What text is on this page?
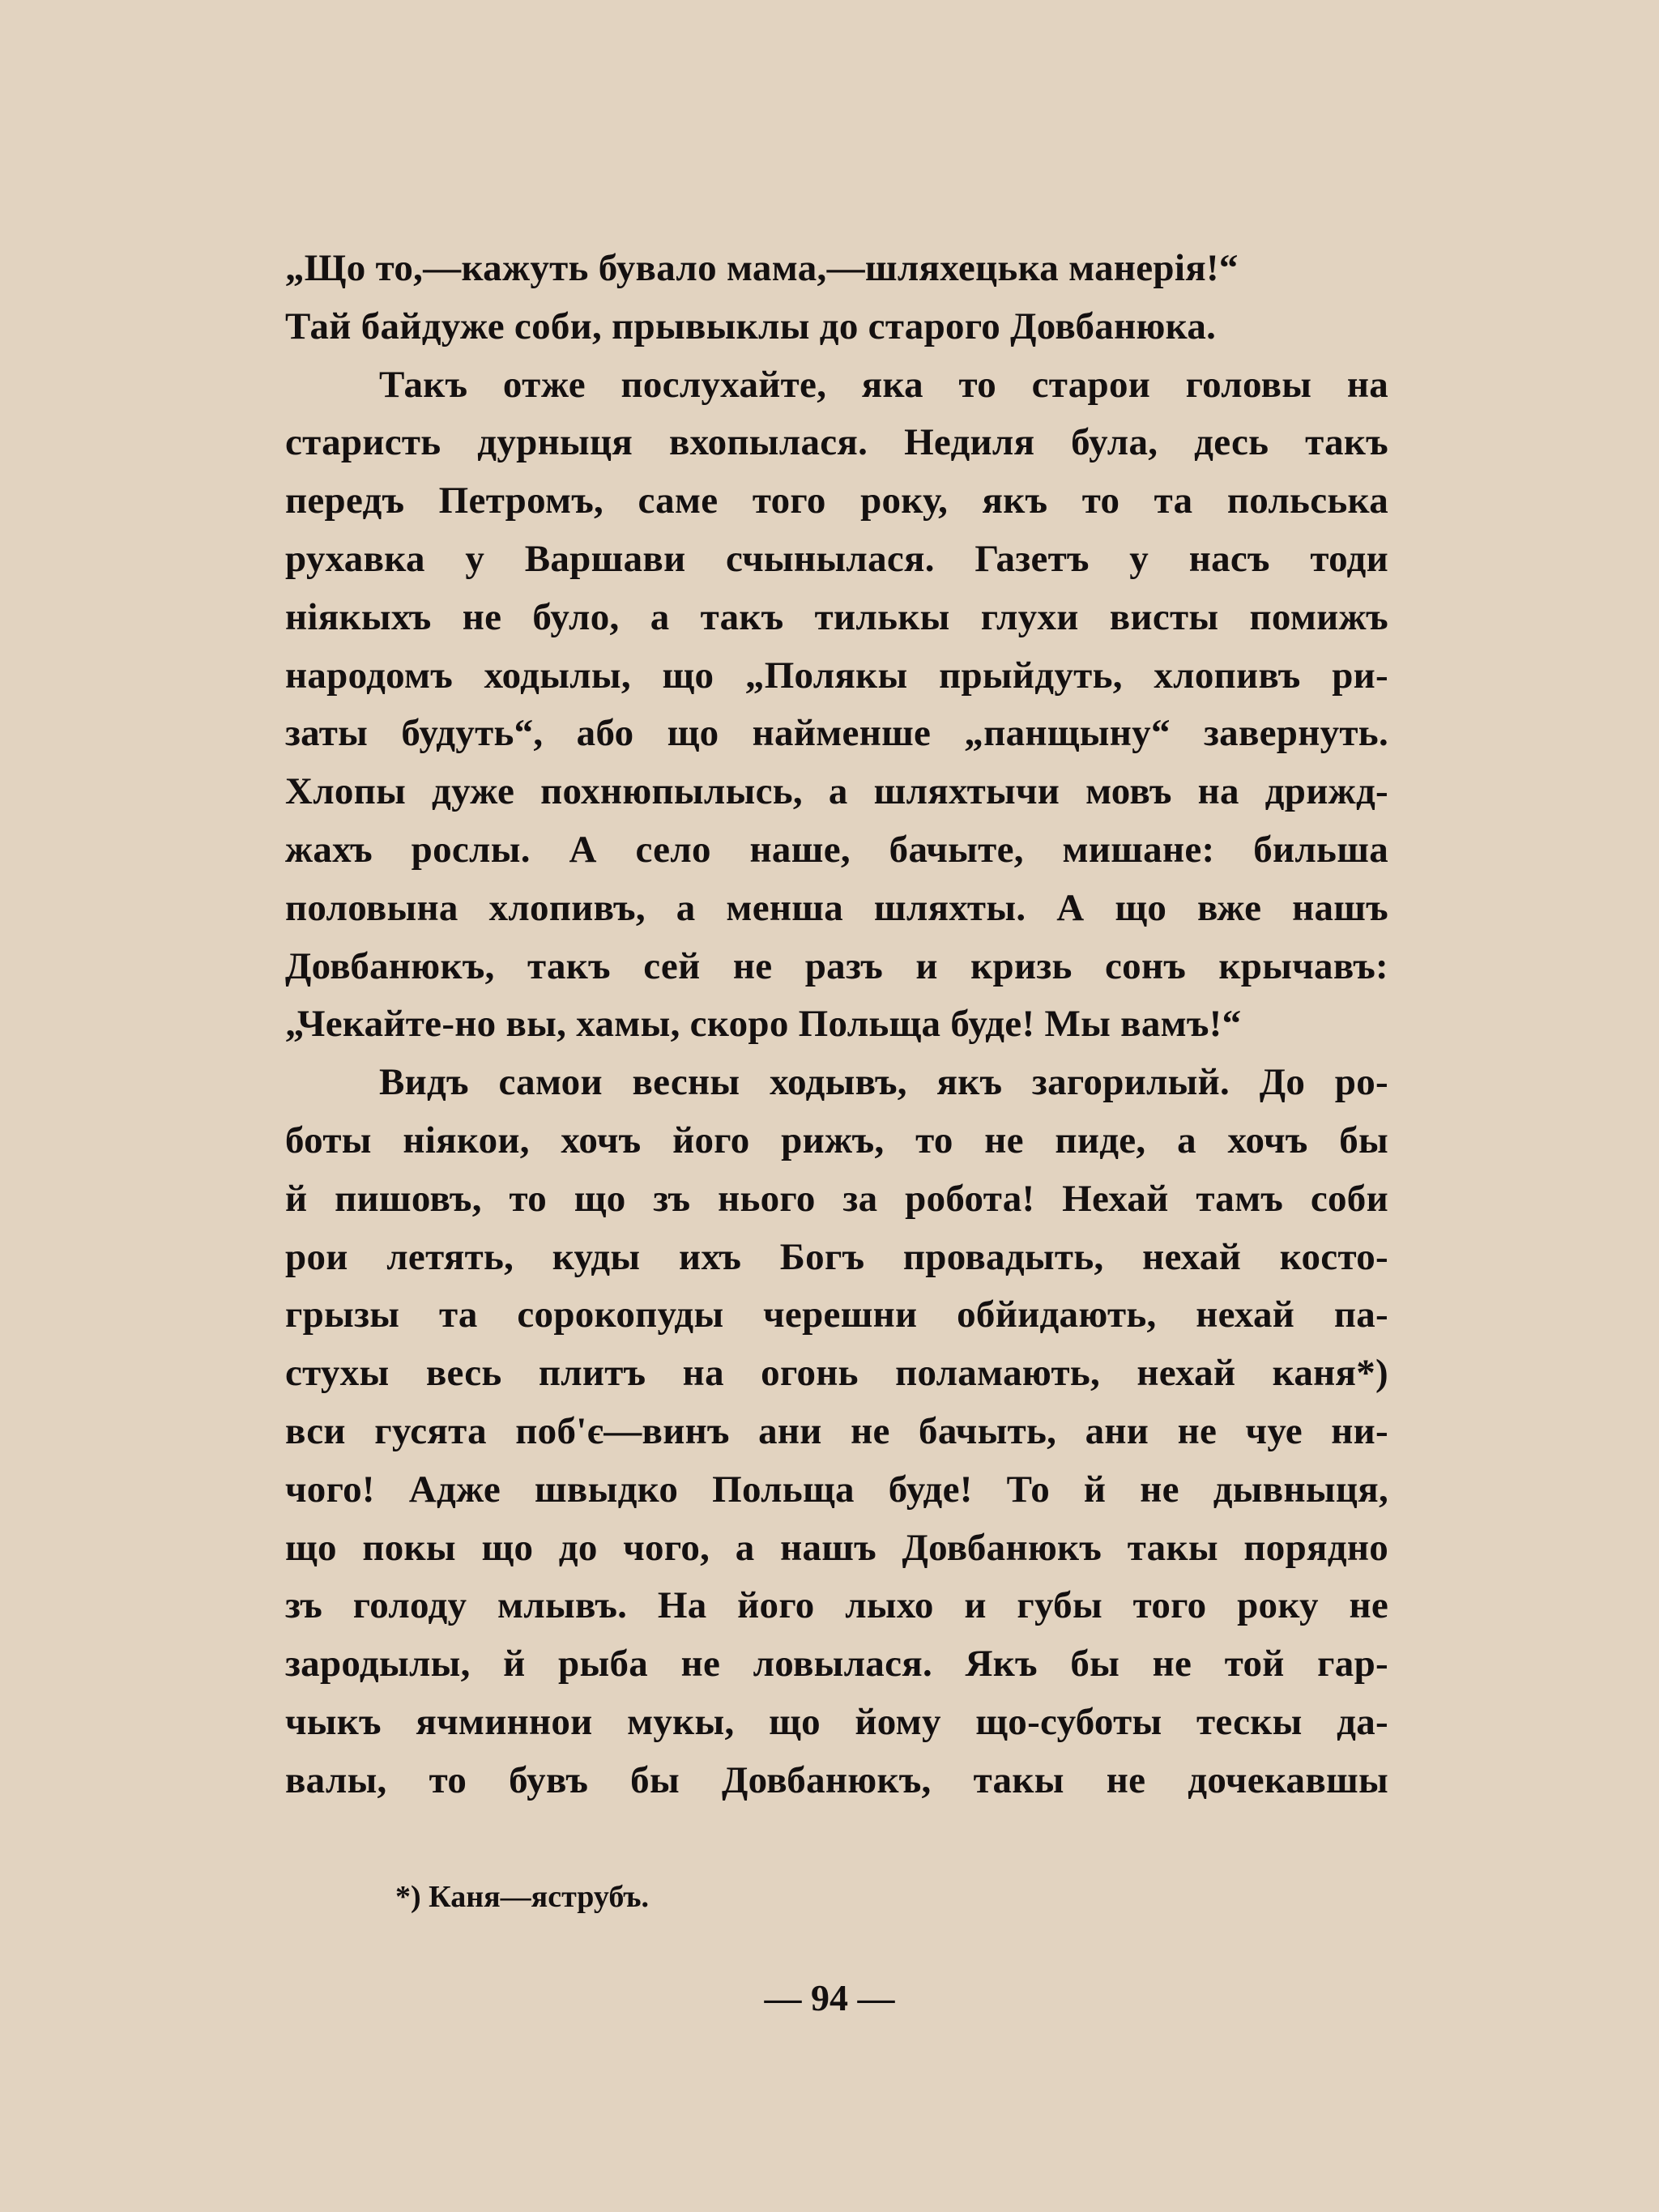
„Що то,—кажуть бувало мама,—шляхецька манерія!“
Тай байдуже соби, прывыклы до старого Довбанюка.
Такъ отже послухайте, яка то старои головы на
старисть дурныця вхопылася. Недиля була, десь такъ
передъ Петромъ, саме того року, якъ то та польська
рухавка у Варшави счынылася. Газетъ у насъ тоди
ніякыхъ не було, а такъ тилькы глухи висты помижъ
народомъ ходылы, що „Полякы прыйдуть, хлопивъ ри-
заты будуть“, або що найменше „панщыну“ завернуть.
Хлопы дуже похнюпылысь, а шляхтычи мовъ на дрижд-
жахъ рослы. А село наше, бачыте, мишане: бильша
половына хлопивъ, а менша шляхты. А що вже нашъ
Довбанюкъ, такъ сей не разъ и кризь сонъ крычавъ:
„Чекайте-но вы, хамы, скоро Польща буде! Мы вамъ!“
Видъ самои весны ходывъ, якъ загорилый. До ро-
боты ніякои, хочъ його рижъ, то не пиде, а хочъ бы
й пишовъ, то що зъ нього за робота! Нехай тамъ соби
рои летять, куды ихъ Богъ провадыть, нехай косто-
грызы та сорокопуды черешни обйидають, нехай па-
стухы весь плитъ на огонь поламають, нехай каня*)
вси гусята поб'є—винъ ани не бачыть, ани не чуе ни-
чого! Адже швыдко Польща буде! То й не дывныця,
що покы що до чого, а нашъ Довбанюкъ такы порядно
зъ голоду млывъ. На його лыхо и губы того року не
зародылы, й рыба не ловылася. Якъ бы не той гар-
чыкъ ячминнои мукы, що йому що-суботы тескы да-
валы, то бувъ бы Довбанюкъ, такы не дочекавшы
*) Каня—яструбъ.
— 94 —
